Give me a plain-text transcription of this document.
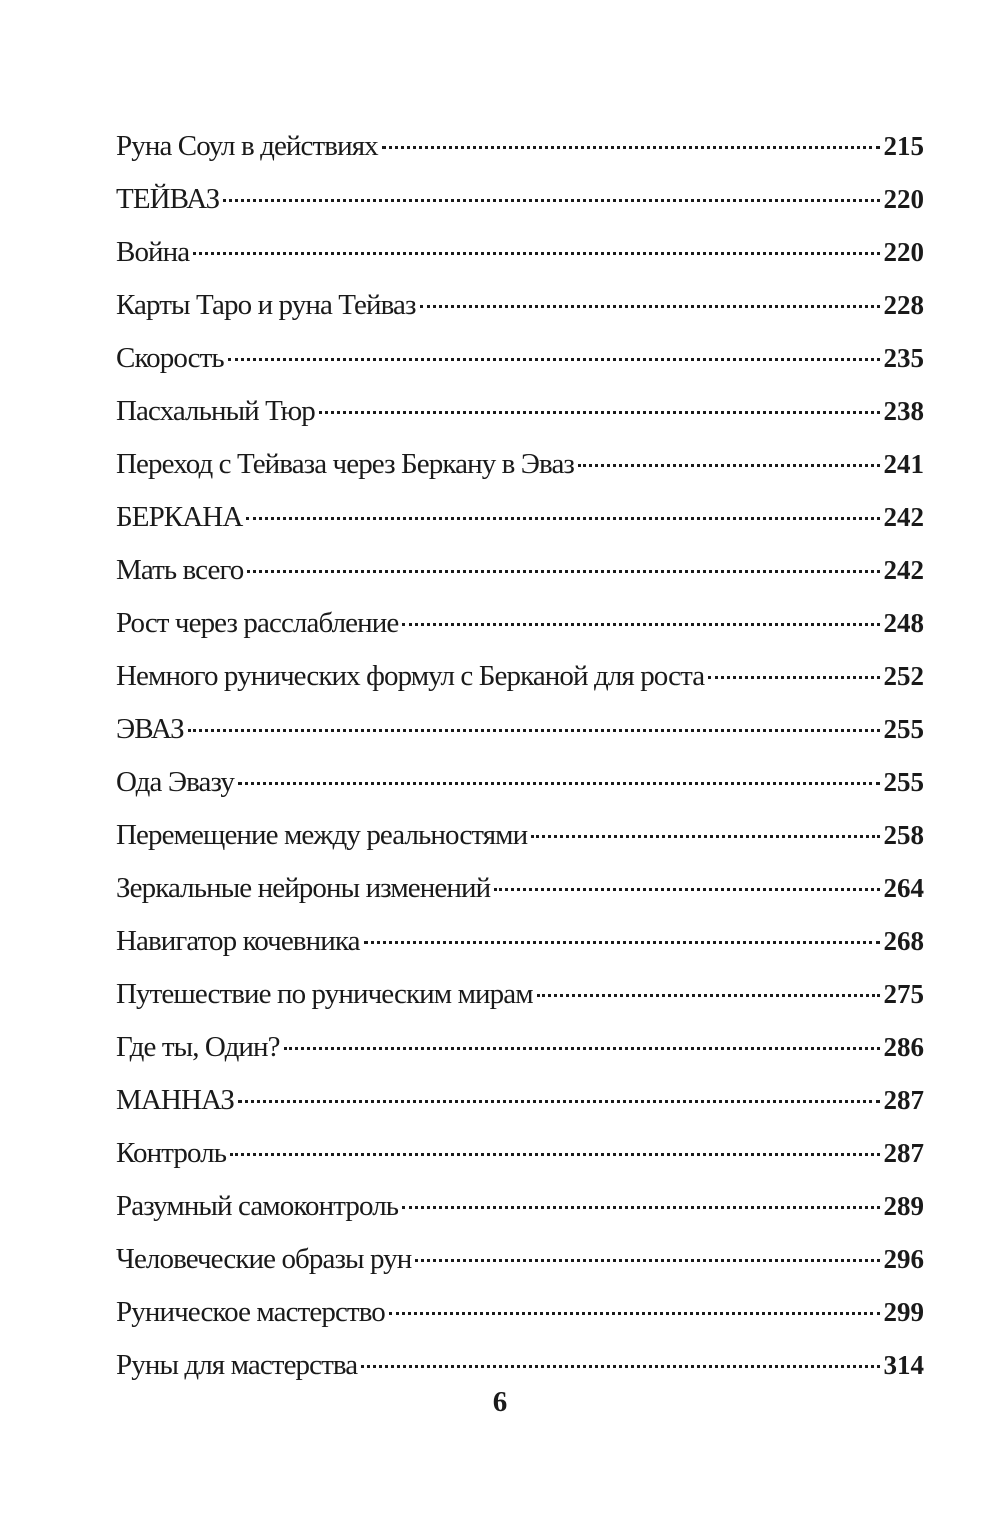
Руна Соул в действиях	215
ТЕЙВАЗ	220
Война	220
Карты Таро и руна Тейваз	228
Скорость	235
Пасхальный Тюр	238
Переход с Тейваза через Беркану в Эваз	241
БЕРКАНА	242
Мать всего	242
Рост через расслабление	248
Немного рунических формул с Берканой для роста	252
ЭВАЗ	255
Ода Эвазу	255
Перемещение между реальностями	258
Зеркальные нейроны изменений	264
Навигатор кочевника	268
Путешествие по руническим мирам	275
Где ты, Один?	286
МАННАЗ	287
Контроль	287
Разумный самоконтроль	289
Человеческие образы рун	296
Руническое мастерство	299
Руны для мастерства	314
6
